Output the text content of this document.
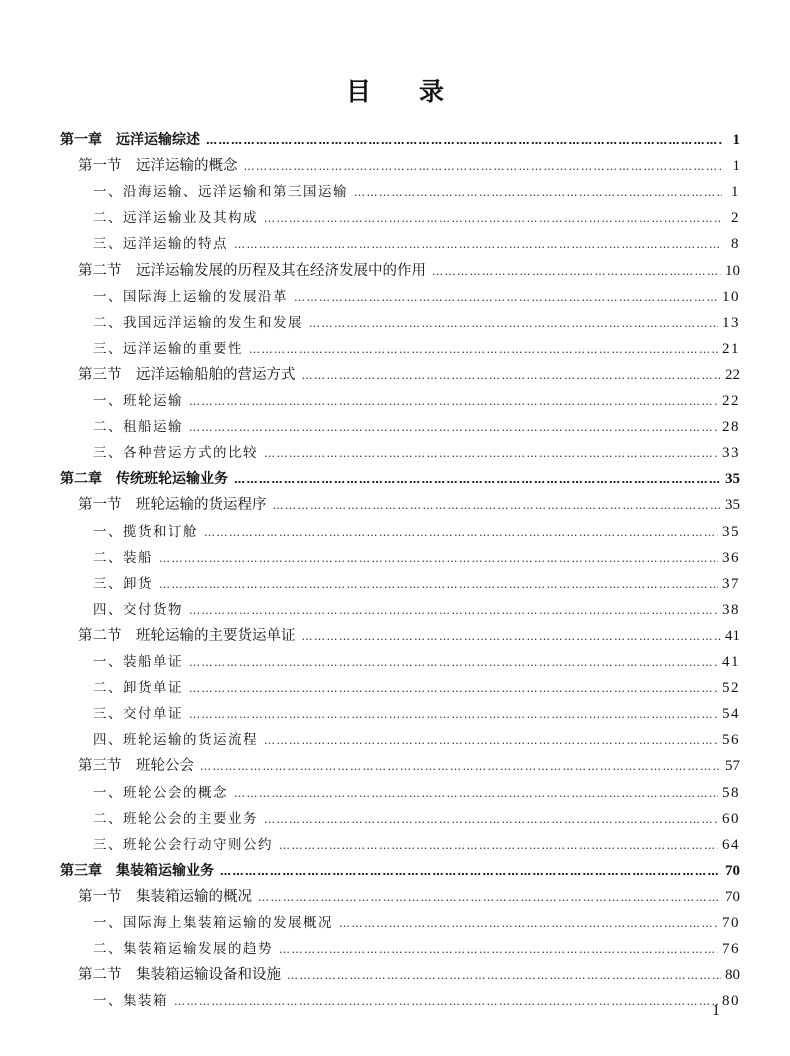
目 录
第一章　远洋运输综述 ……………………………………………………………………………………………………………………………………………………………………………………………………………………	1
第一节　远洋运输的概念 ……………………………………………………………………………………………………………………………………………………………………………………………………………………	1
一、沿海运输、远洋运输和第三国运输 ……………………………………………………………………………………………………………………………………………………………………………………………………………………	1
二、远洋运输业及其构成 ……………………………………………………………………………………………………………………………………………………………………………………………………………………	2
三、远洋运输的特点 ……………………………………………………………………………………………………………………………………………………………………………………………………………………	8
第二节　远洋运输发展的历程及其在经济发展中的作用 ……………………………………………………………………………………………………………………………………………………………………………………………………………………	10
一、国际海上运输的发展沿革 ……………………………………………………………………………………………………………………………………………………………………………………………………………………	10
二、我国远洋运输的发生和发展 ……………………………………………………………………………………………………………………………………………………………………………………………………………………	13
三、远洋运输的重要性 ……………………………………………………………………………………………………………………………………………………………………………………………………………………	21
第三节　远洋运输船舶的营运方式 ……………………………………………………………………………………………………………………………………………………………………………………………………………………	22
一、班轮运输 ……………………………………………………………………………………………………………………………………………………………………………………………………………………	22
二、租船运输 ……………………………………………………………………………………………………………………………………………………………………………………………………………………	28
三、各种营运方式的比较 ……………………………………………………………………………………………………………………………………………………………………………………………………………………	33
第二章　传统班轮运输业务 ……………………………………………………………………………………………………………………………………………………………………………………………………………………	35
第一节　班轮运输的货运程序 ……………………………………………………………………………………………………………………………………………………………………………………………………………………	35
一、揽货和订舱 ……………………………………………………………………………………………………………………………………………………………………………………………………………………	35
二、装船 ……………………………………………………………………………………………………………………………………………………………………………………………………………………	36
三、卸货 ……………………………………………………………………………………………………………………………………………………………………………………………………………………	37
四、交付货物 ……………………………………………………………………………………………………………………………………………………………………………………………………………………	38
第二节　班轮运输的主要货运单证 ……………………………………………………………………………………………………………………………………………………………………………………………………………………	41
一、装船单证 ……………………………………………………………………………………………………………………………………………………………………………………………………………………	41
二、卸货单证 ……………………………………………………………………………………………………………………………………………………………………………………………………………………	52
三、交付单证 ……………………………………………………………………………………………………………………………………………………………………………………………………………………	54
四、班轮运输的货运流程 ……………………………………………………………………………………………………………………………………………………………………………………………………………………	56
第三节　班轮公会 ……………………………………………………………………………………………………………………………………………………………………………………………………………………	57
一、班轮公会的概念 ……………………………………………………………………………………………………………………………………………………………………………………………………………………	58
二、班轮公会的主要业务 ……………………………………………………………………………………………………………………………………………………………………………………………………………………	60
三、班轮公会行动守则公约 ……………………………………………………………………………………………………………………………………………………………………………………………………………………	64
第三章　集装箱运输业务 ……………………………………………………………………………………………………………………………………………………………………………………………………………………	70
第一节　集装箱运输的概况 ……………………………………………………………………………………………………………………………………………………………………………………………………………………	70
一、国际海上集装箱运输的发展概况 ……………………………………………………………………………………………………………………………………………………………………………………………………………………	70
二、集装箱运输发展的趋势 ……………………………………………………………………………………………………………………………………………………………………………………………………………………	76
第二节　集装箱运输设备和设施 ……………………………………………………………………………………………………………………………………………………………………………………………………………………	80
一、集装箱 ……………………………………………………………………………………………………………………………………………………………………………………………………………………	80
1
